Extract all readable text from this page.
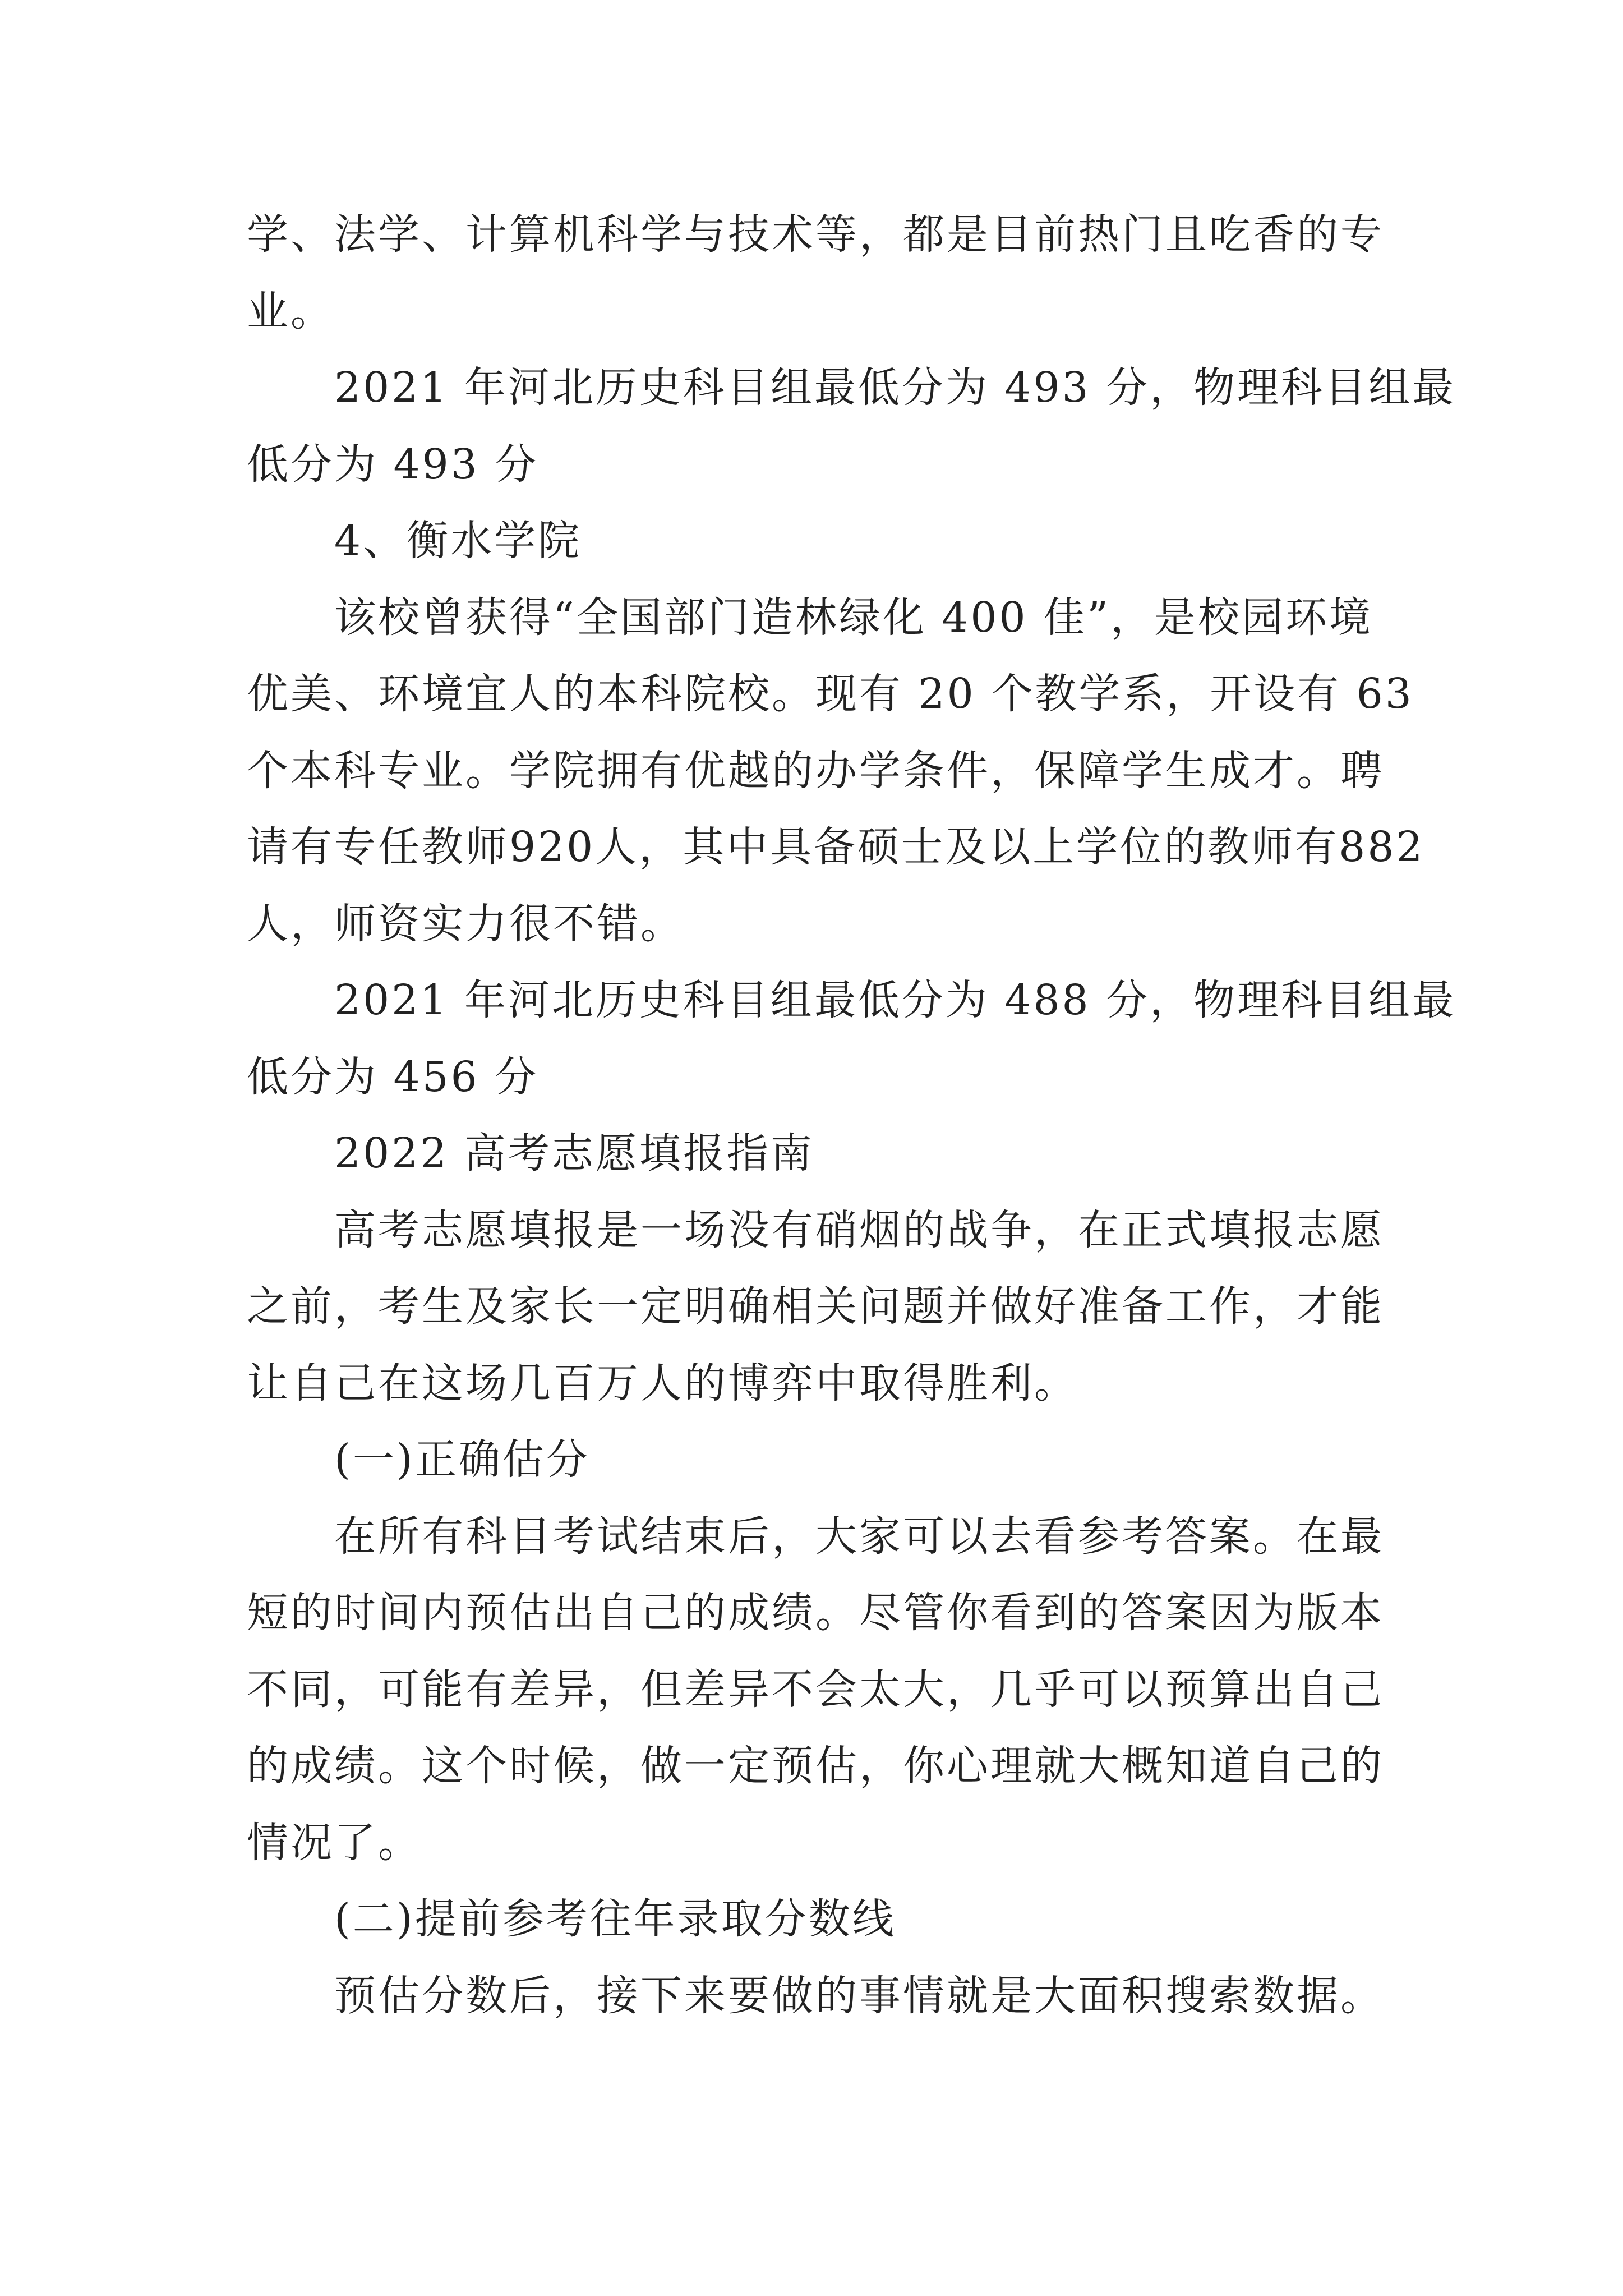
学、法学、计算机科学与技术等，都是目前热门且吃香的专
业。
2021 年河北历史科目组最低分为 493 分，物理科目组最
低分为 493 分
4、衡水学院
该校曾获得“全国部门造林绿化 400 佳”，是校园环境
优美、环境宜人的本科院校。现有 20 个教学系，开设有 63
个本科专业。学院拥有优越的办学条件，保障学生成才。聘
请有专任教师920人，其中具备硕士及以上学位的教师有882
人，师资实力很不错。
2021 年河北历史科目组最低分为 488 分，物理科目组最
低分为 456 分
2022 高考志愿填报指南
高考志愿填报是一场没有硝烟的战争，在正式填报志愿
之前，考生及家长一定明确相关问题并做好准备工作，才能
让自己在这场几百万人的博弈中取得胜利。
(一)正确估分
在所有科目考试结束后，大家可以去看参考答案。在最
短的时间内预估出自己的成绩。尽管你看到的答案因为版本
不同，可能有差异，但差异不会太大，几乎可以预算出自己
的成绩。这个时候，做一定预估，你心理就大概知道自己的
情况了。
(二)提前参考往年录取分数线
预估分数后，接下来要做的事情就是大面积搜索数据。
